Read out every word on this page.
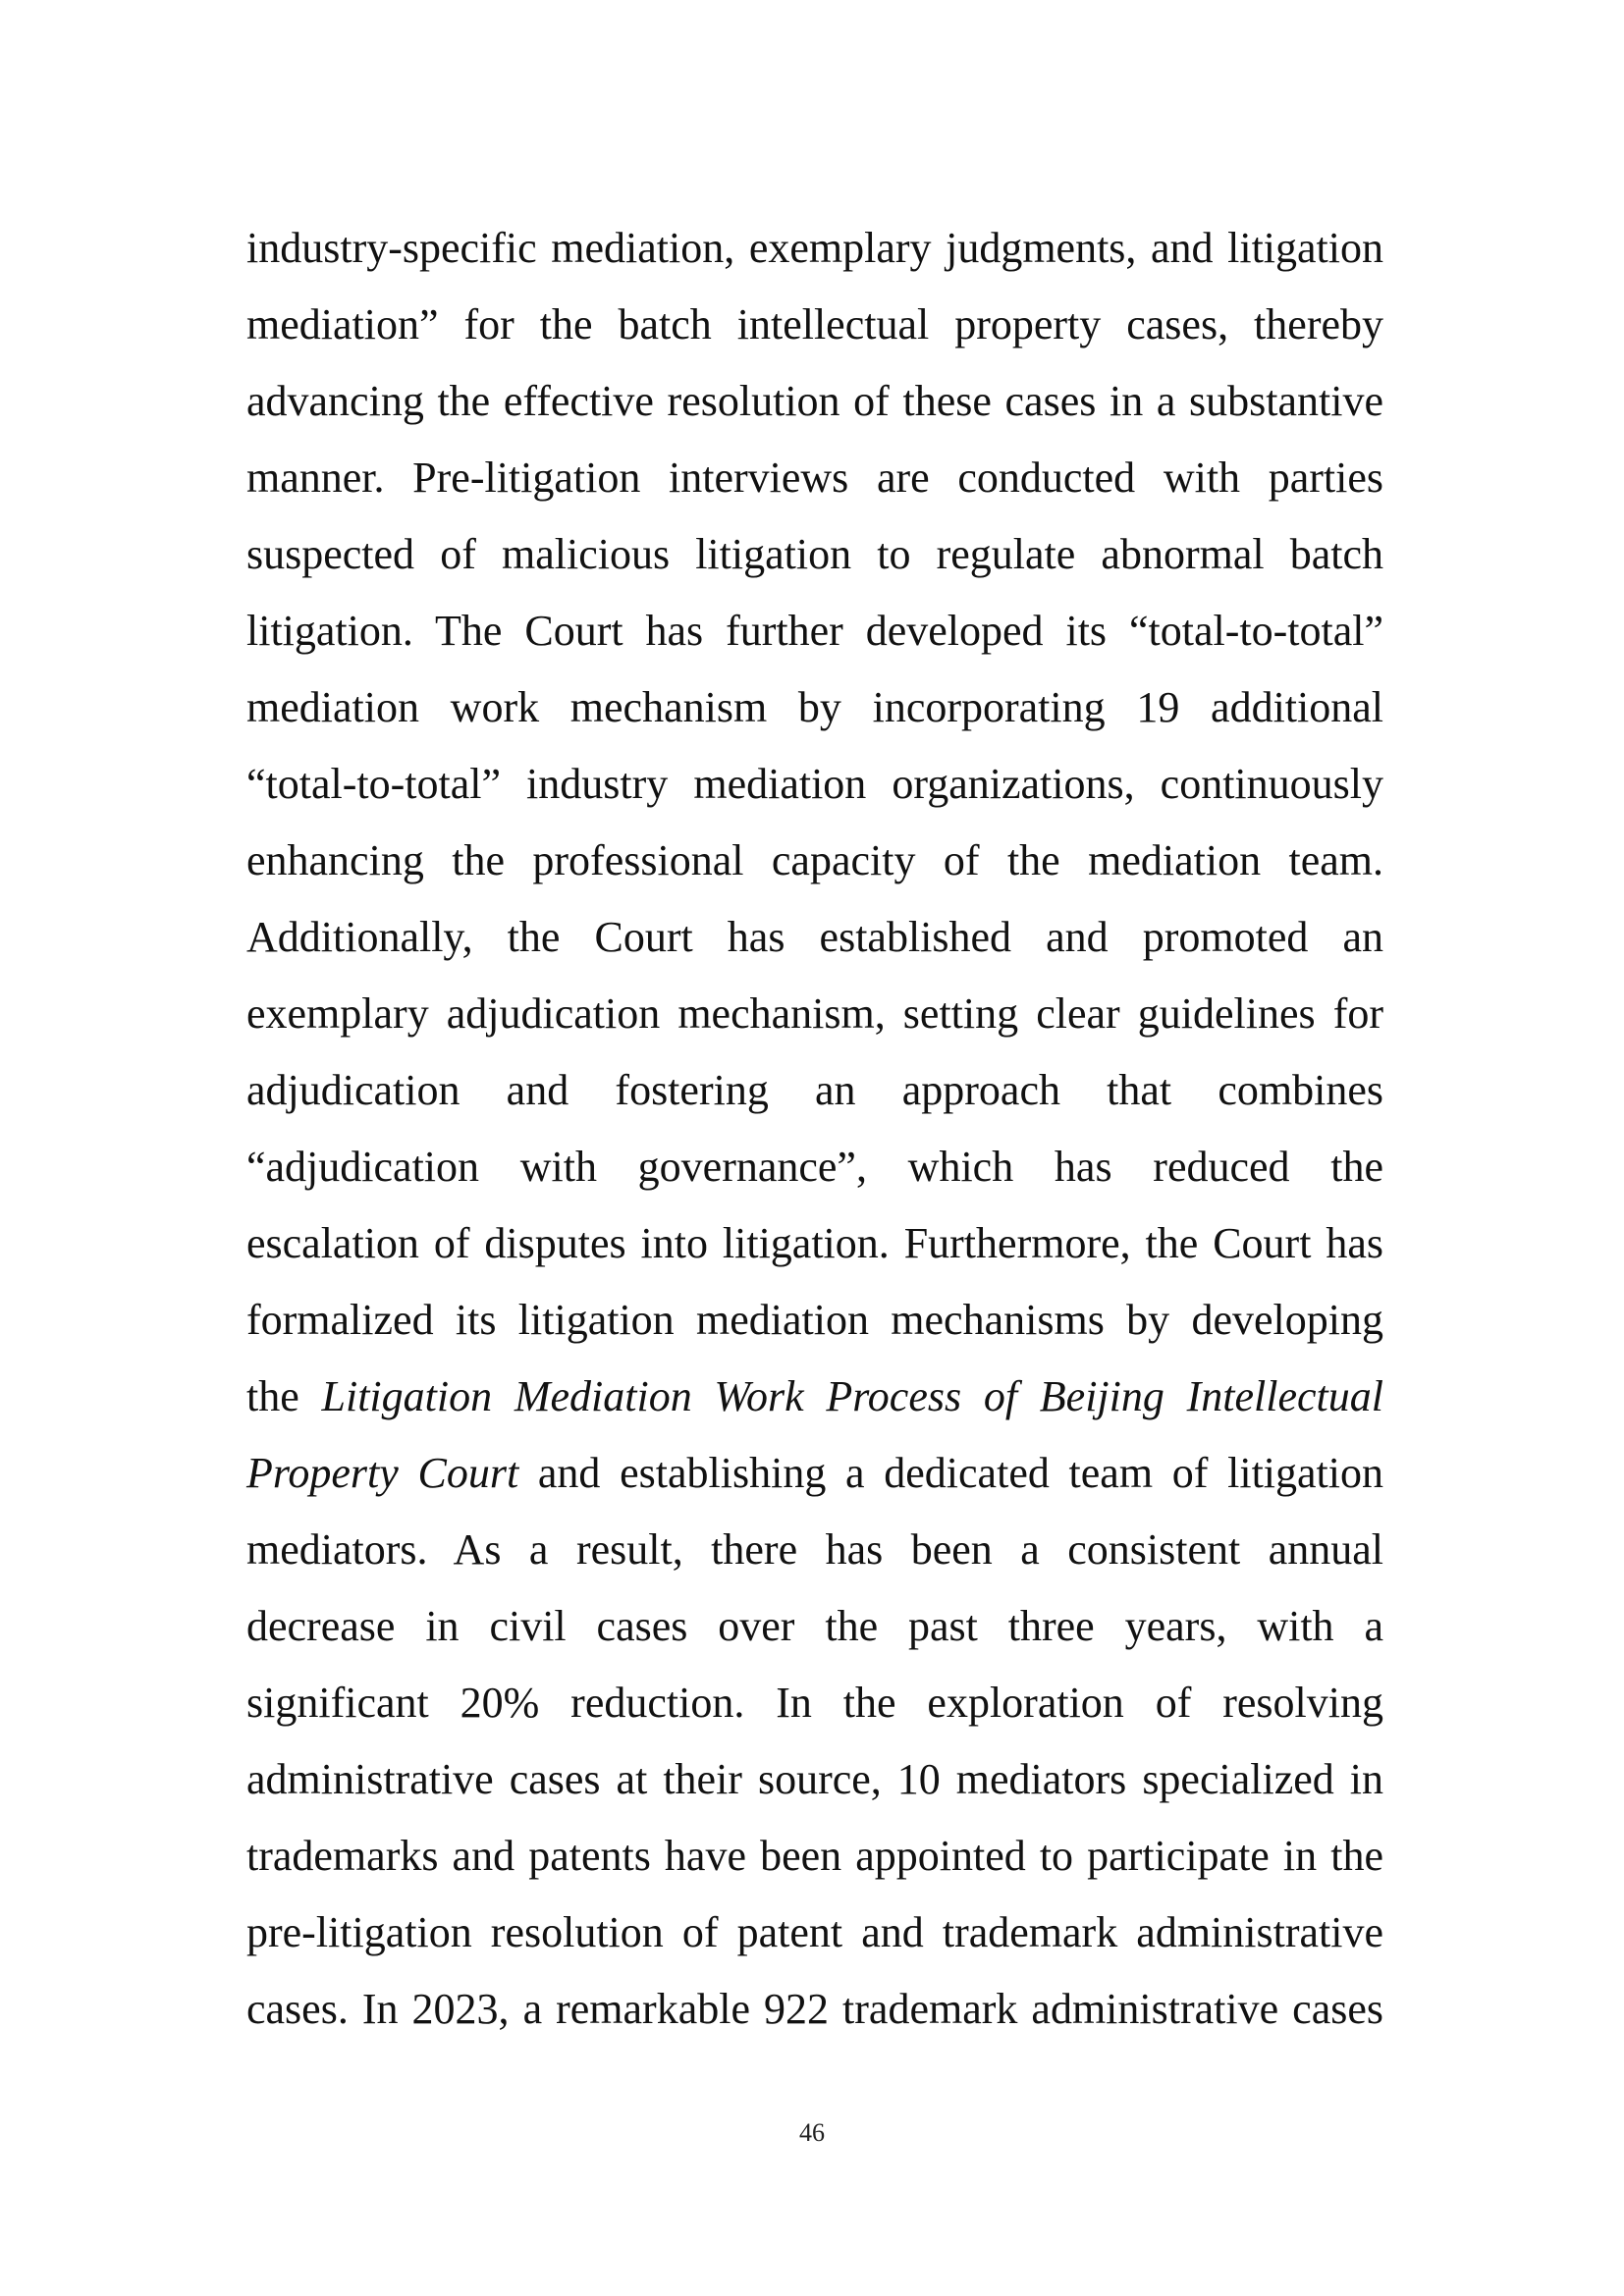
industry-specific mediation, exemplary judgments, and litigation
mediation” for the batch intellectual property cases, thereby
advancing the effective resolution of these cases in a substantive
manner. Pre-litigation interviews are conducted with parties
suspected of malicious litigation to regulate abnormal batch
litigation. The Court has further developed its “total-to-total”
mediation work mechanism by incorporating 19 additional
“total-to-total” industry mediation organizations, continuously
enhancing the professional capacity of the mediation team.
Additionally, the Court has established and promoted an
exemplary adjudication mechanism, setting clear guidelines for
adjudication and fostering an approach that combines
“adjudication with governance”, which has reduced the
escalation of disputes into litigation. Furthermore, the Court has
formalized its litigation mediation mechanisms by developing
the Litigation Mediation Work Process of Beijing Intellectual
Property Court and establishing a dedicated team of litigation
mediators. As a result, there has been a consistent annual
decrease in civil cases over the past three years, with a
significant 20% reduction. In the exploration of resolving
administrative cases at their source, 10 mediators specialized in
trademarks and patents have been appointed to participate in the
pre-litigation resolution of patent and trademark administrative
cases. In 2023, a remarkable 922 trademark administrative cases
46
